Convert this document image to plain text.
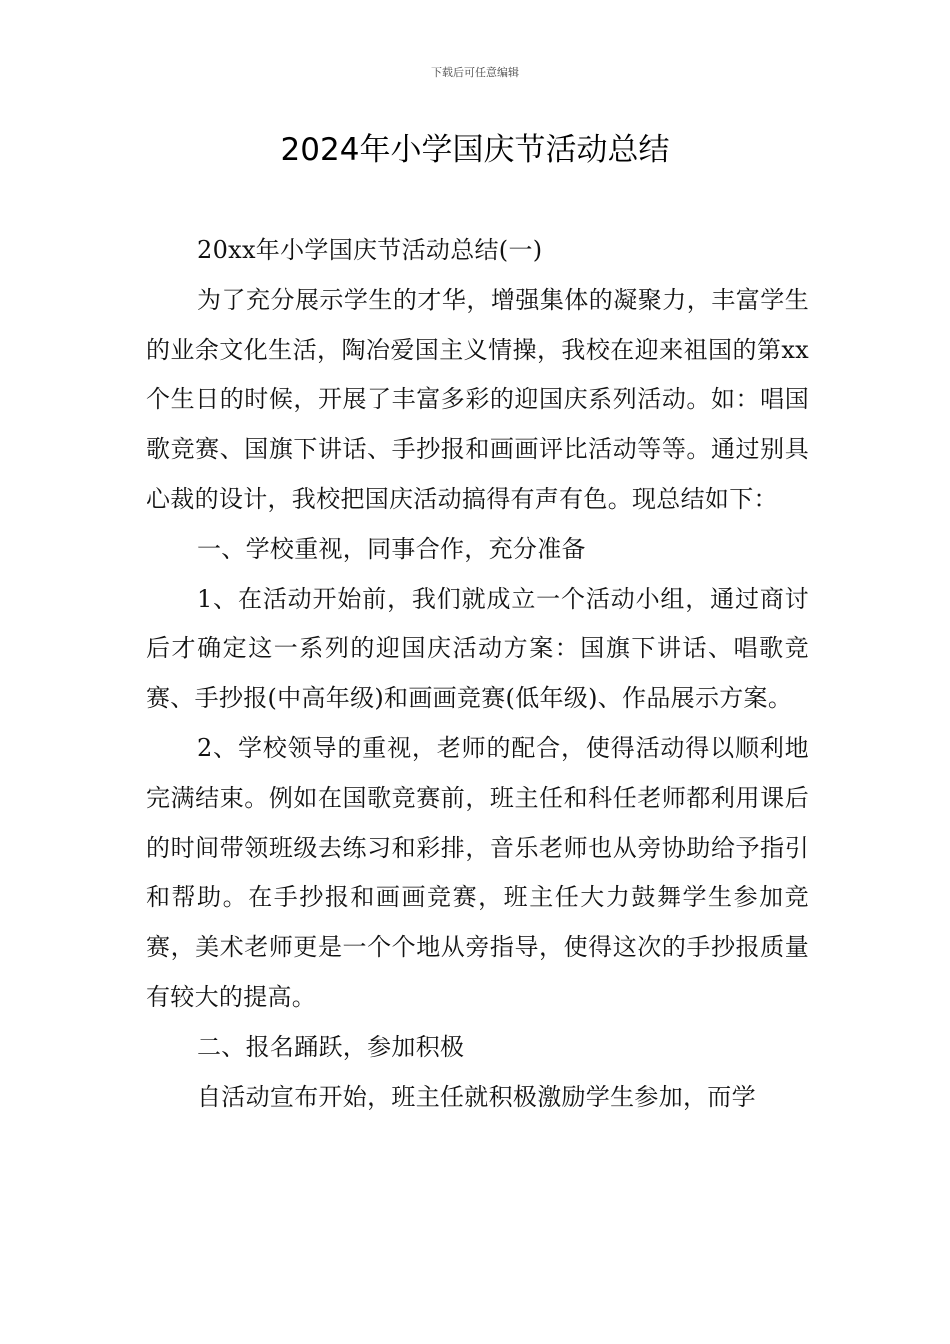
下载后可任意编辑
2024年小学国庆节活动总结

20xx年小学国庆节活动总结(一)

为了充分展示学生的才华，增强集体的凝聚力，丰富学生的业余文化生活，陶冶爱国主义情操，我校在迎来祖国的第xx个生日的时候，开展了丰富多彩的迎国庆系列活动。如：唱国歌竞赛、国旗下讲话、手抄报和画画评比活动等等。通过别具心裁的设计，我校把国庆活动搞得有声有色。现总结如下：

一、学校重视，同事合作，充分准备

1、在活动开始前，我们就成立一个活动小组，通过商讨后才确定这一系列的迎国庆活动方案：国旗下讲话、唱歌竞赛、手抄报(中高年级)和画画竞赛(低年级)、作品展示方案。

2、学校领导的重视，老师的配合，使得活动得以顺利地完满结束。例如在国歌竞赛前，班主任和科任老师都利用课后的时间带领班级去练习和彩排，音乐老师也从旁协助给予指引和帮助。在手抄报和画画竞赛，班主任大力鼓舞学生参加竞赛，美术老师更是一个个地从旁指导，使得这次的手抄报质量有较大的提高。

二、报名踊跃，参加积极

自活动宣布开始，班主任就积极激励学生参加，而学
